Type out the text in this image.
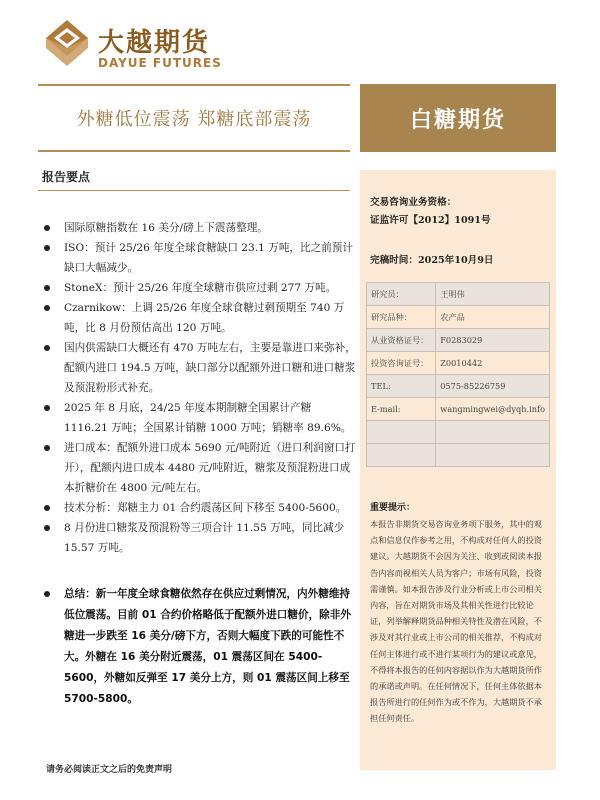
大越期货
DAYUE FUTURES
外糖低位震荡 郑糖底部震荡	白糖期货
报告要点
国际原糖指数在 16 美分/磅上下震荡整理。
ISO：预计 25/26 年度全球食糖缺口 23.1 万吨，比之前预计缺口大幅减少。
StoneX：预计 25/26 年度全球糖市供应过剩 277 万吨。
Czarnikow：上调 25/26 年度全球食糖过剩预期至 740 万吨，比 8 月份预估高出 120 万吨。
国内供需缺口大概还有 470 万吨左右，主要是靠进口来弥补，配额内进口 194.5 万吨，缺口部分以配额外进口糖和进口糖浆及预混粉形式补充。
2025 年 8 月底，24/25 年度本期制糖全国累计产糖 1116.21 万吨；全国累计销糖 1000 万吨；销糖率 89.6%。
进口成本：配额外进口成本 5690 元/吨附近（进口利润窗口打开），配额内进口成本 4480 元/吨附近，糖浆及预混粉进口成本折糖价在 4800 元/吨左右。
技术分析：郑糖主力 01 合约震荡区间下移至 5400-5600。
8 月份进口糖浆及预混粉等三项合计 11.55 万吨，同比减少 15.57 万吨。

总结：新一年度全球食糖依然存在供应过剩情况，内外糖维持低位震荡。目前 01 合约价格略低于配额外进口糖价，除非外糖进一步跌至 16 美分/磅下方，否则大幅度下跌的可能性不大。外糖在 16 美分附近震荡，01 震荡区间在 5400-5600，外糖如反弹至 17 美分上方，则 01 震荡区间上移至 5700-5800。

交易咨询业务资格：
证监许可【2012】1091号
完稿时间：2025年10月9日
研究员：	王明伟
研究品种：	农产品
从业资格证号：	F0283029
投资咨询证号：	Z0010442
TEL:	0575-85226759
E-mail:	wangmingwei@dyqh.info

重要提示：
本报告非期货交易咨询业务项下服务，其中的观点和信息仅作参考之用，不构成对任何人的投资建议。大越期货不会因为关注、收到或阅读本报告内容而视相关人员为客户；市场有风险，投资需谨慎。如本报告涉及行业分析或上市公司相关内容，旨在对期货市场及其相关性进行比较论证，列举解释期货品种相关特性及潜在风险，不涉及对其行业或上市公司的相关推荐，不构成对任何主体进行或不进行某项行为的建议或意见，不得将本报告的任何内容据以作为大越期货所作的承诺或声明。在任何情况下，任何主体依据本报告所进行的任何作为或不作为，大越期货不承担任何责任。
请务必阅读正文之后的免责声明
